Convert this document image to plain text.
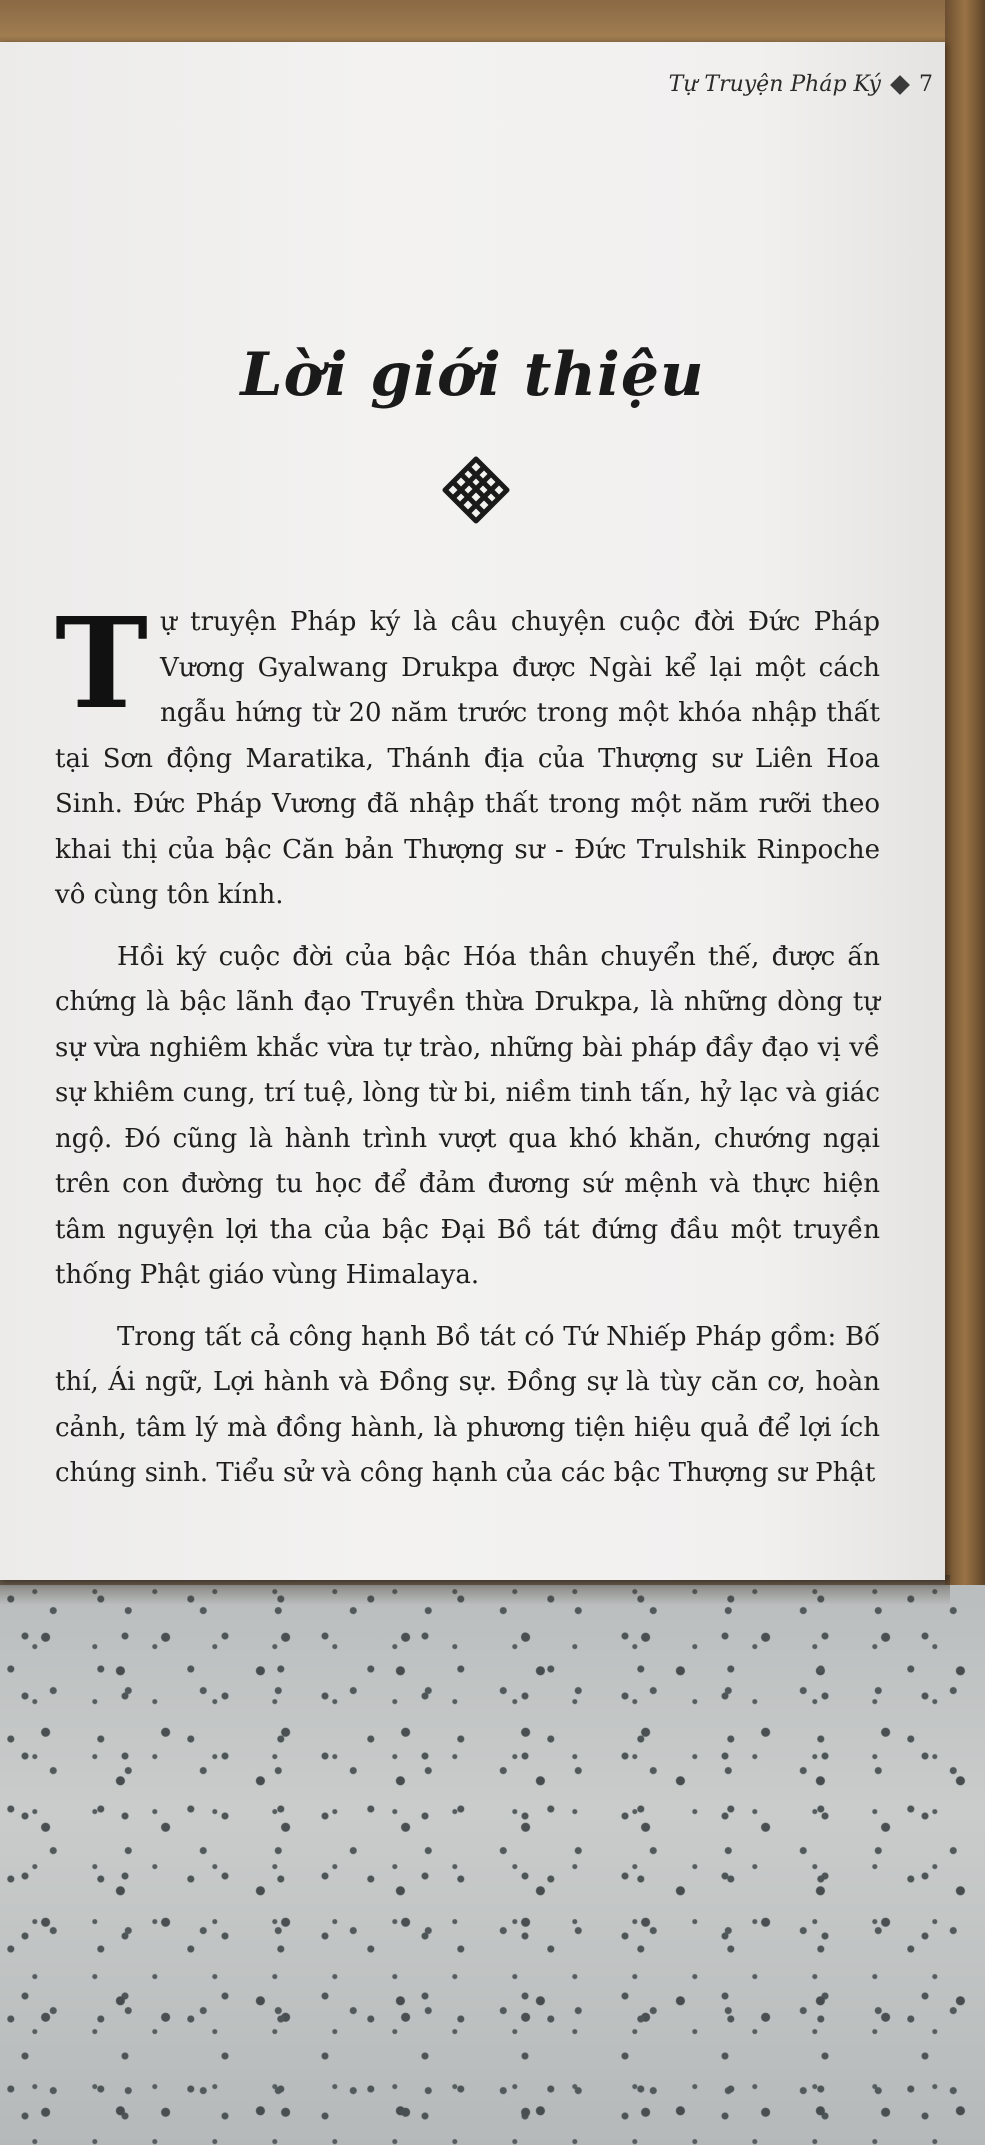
Tự Truyện Pháp Ký 7
Lời giới thiệu

Tự truyện Pháp ký là câu chuyện cuộc đời Đức Pháp Vương Gyalwang Drukpa được Ngài kể lại một cách ngẫu hứng từ 20 năm trước trong một khóa nhập thất tại Sơn động Maratika, Thánh địa của Thượng sư Liên Hoa Sinh. Đức Pháp Vương đã nhập thất trong một năm rưỡi theo khai thị của bậc Căn bản Thượng sư - Đức Trulshik Rinpoche vô cùng tôn kính.

Hồi ký cuộc đời của bậc Hóa thân chuyển thế, được ấn chứng là bậc lãnh đạo Truyền thừa Drukpa, là những dòng tự sự vừa nghiêm khắc vừa tự trào, những bài pháp đầy đạo vị về sự khiêm cung, trí tuệ, lòng từ bi, niềm tinh tấn, hỷ lạc và giác ngộ. Đó cũng là hành trình vượt qua khó khăn, chướng ngại trên con đường tu học để đảm đương sứ mệnh và thực hiện tâm nguyện lợi tha của bậc Đại Bồ tát đứng đầu một truyền thống Phật giáo vùng Himalaya.

Trong tất cả công hạnh Bồ tát có Tứ Nhiếp Pháp gồm: Bố thí, Ái ngữ, Lợi hành và Đồng sự. Đồng sự là tùy căn cơ, hoàn cảnh, tâm lý mà đồng hành, là phương tiện hiệu quả để lợi ích chúng sinh. Tiểu sử và công hạnh của các bậc Thượng sư Phật
